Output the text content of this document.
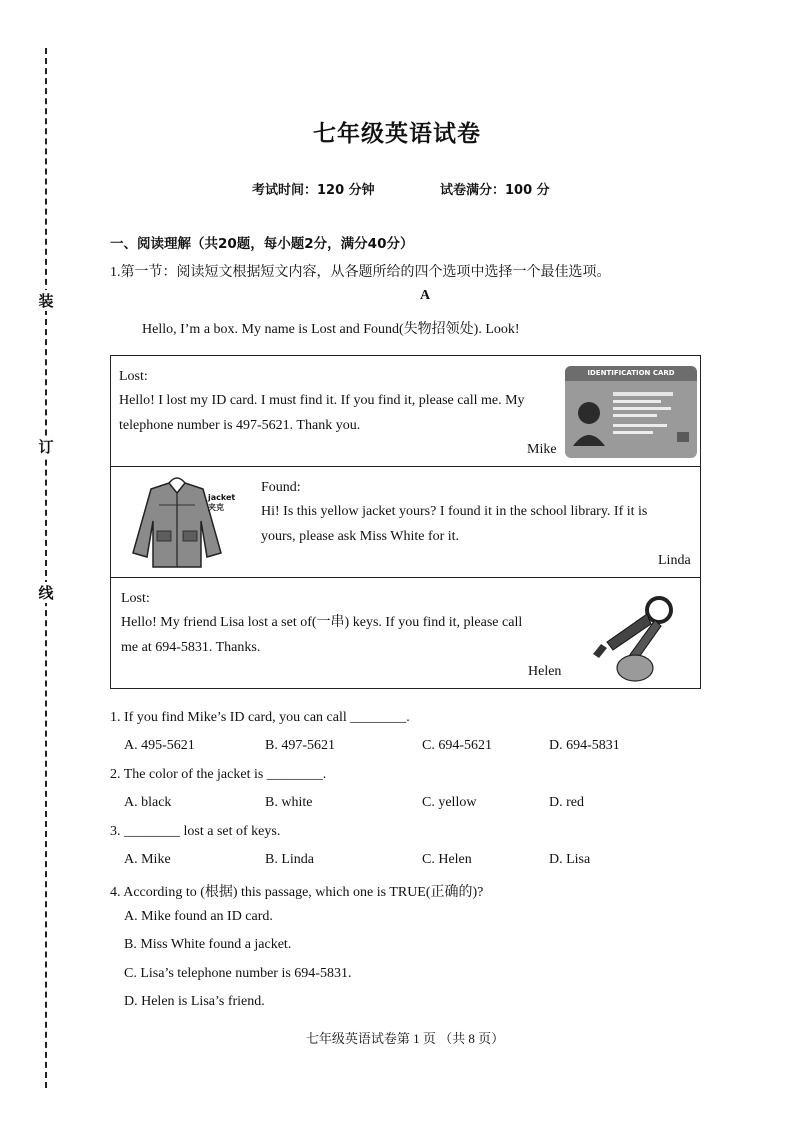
装
订
线
七年级英语试卷
考试时间：120 分钟	试卷满分：100 分
一、阅读理解（共20题，每小题2分，满分40分）
1.第一节：阅读短文根据短文内容，从各题所给的四个选项中选择一个最佳选项。
A
Hello, I’m a box. My name is Lost and Found(失物招领处). Look!
Lost:
Hello! I lost my ID card. I must find it. If you find it, please call me. My
telephone number is 497-5621. Thank you.
Mike
IDENTIFICATION CARD
jacket
夹克
Found:
Hi! Is this yellow jacket yours? I found it in the school library. If it is
yours, please ask Miss White for it.
Linda
Lost:
Hello! My friend Lisa lost a set of(一串) keys. If you find it, please call
me at 694-5831. Thanks.
Helen
1. If you find Mike’s ID card, you can call ________.
A. 495-5621	B. 497-5621	C. 694-5621	D. 694-5831
2. The color of the jacket is ________.
A. black	B. white	C. yellow	D. red
3. ________ lost a set of keys.
A. Mike	B. Linda	C. Helen	D. Lisa
4. According to (根据) this passage, which one is TRUE(正确的)?
A. Mike found an ID card.
B. Miss White found a jacket.
C. Lisa’s telephone number is 694-5831.
D. Helen is Lisa’s friend.
七年级英语试卷第 1 页 （共 8 页）
